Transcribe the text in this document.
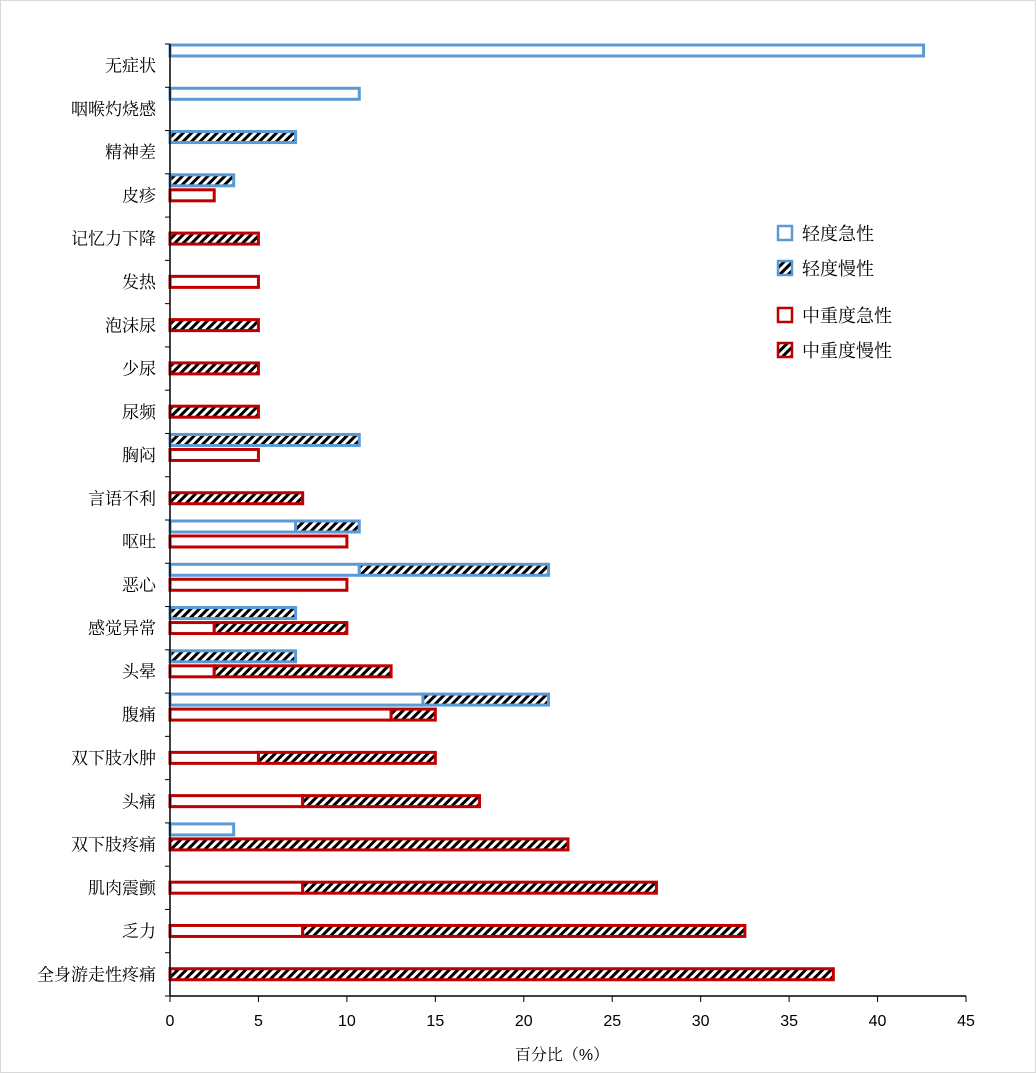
无症状
咽喉灼烧感
精神差
皮疹
记忆力下降
发热
泡沫尿
少尿
尿频
胸闷
言语不利
呕吐
恶心
感觉异常
头晕
腹痛
双下肢水肿
头痛
双下肢疼痛
肌肉震颤
乏力
全身游走性疼痛
0	5	10	15	20	25	30	35	40	45
百分比（%）
轻度急性
轻度慢性
中重度急性
中重度慢性
